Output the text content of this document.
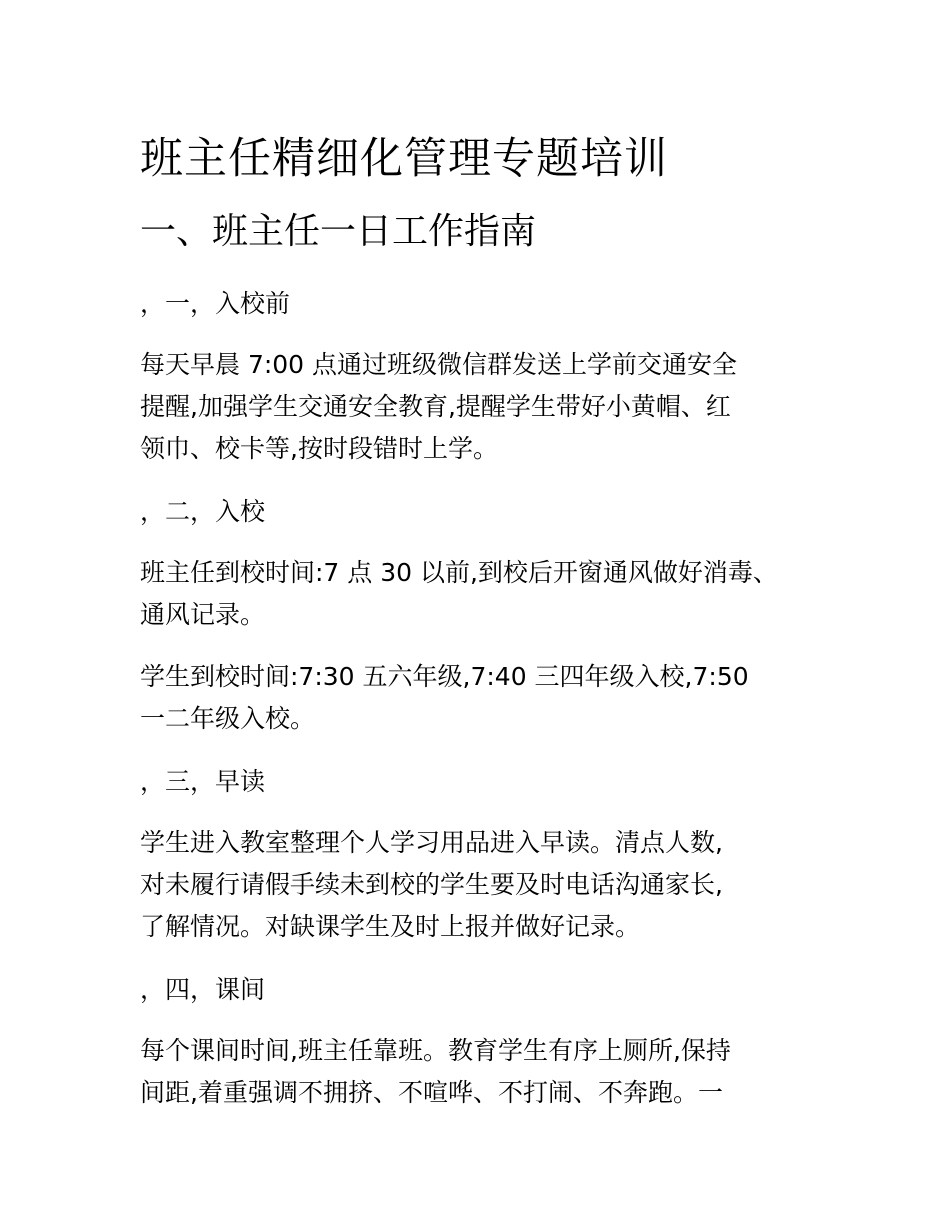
班主任精细化管理专题培训
一、班主任一日工作指南
，一，入校前

每天早晨 7:00 点通过班级微信群发送上学前交通安全
提醒,加强学生交通安全教育,提醒学生带好小黄帽、红
领巾、校卡等,按时段错时上学。

，二，入校

班主任到校时间:7 点 30 以前,到校后开窗通风做好消毒、
通风记录。

学生到校时间:7:30 五六年级,7:40 三四年级入校,7:50
一二年级入校。

，三，早读

学生进入教室整理个人学习用品进入早读。清点人数,
对未履行请假手续未到校的学生要及时电话沟通家长,
了解情况。对缺课学生及时上报并做好记录。

，四，课间

每个课间时间,班主任靠班。教育学生有序上厕所,保持
间距,着重强调不拥挤、不喧哗、不打闹、不奔跑。一
